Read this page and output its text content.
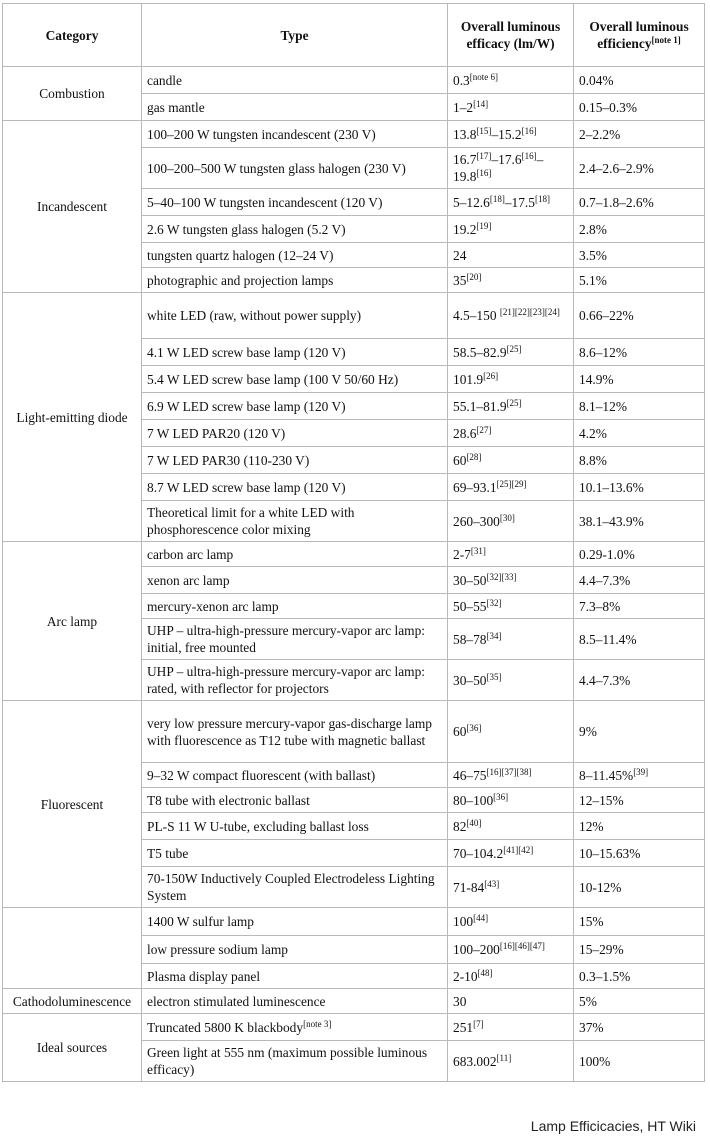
Category	Type	Overall luminous efficacy (lm/W)	Overall luminous efficiency[note 1]
Combustion	candle	0.3[note 6]	0.04%
	gas mantle	1–2[14]	0.15–0.3%
Incandescent	100–200 W tungsten incandescent (230 V)	13.8[15]–15.2[16]	2–2.2%
	100–200–500 W tungsten glass halogen (230 V)	16.7[17]–17.6[16]–19.8[16]	2.4–2.6–2.9%
	5–40–100 W tungsten incandescent (120 V)	5–12.6[18]–17.5[18]	0.7–1.8–2.6%
	2.6 W tungsten glass halogen (5.2 V)	19.2[19]	2.8%
	tungsten quartz halogen (12–24 V)	24	3.5%
	photographic and projection lamps	35[20]	5.1%
Light-emitting diode	white LED (raw, without power supply)	4.5–150 [21][22][23][24]	0.66–22%
	4.1 W LED screw base lamp (120 V)	58.5–82.9[25]	8.6–12%
	5.4 W LED screw base lamp (100 V 50/60 Hz)	101.9[26]	14.9%
	6.9 W LED screw base lamp (120 V)	55.1–81.9[25]	8.1–12%
	7 W LED PAR20 (120 V)	28.6[27]	4.2%
	7 W LED PAR30 (110-230 V)	60[28]	8.8%
	8.7 W LED screw base lamp (120 V)	69–93.1[25][29]	10.1–13.6%
	Theoretical limit for a white LED with phosphorescence color mixing	260–300[30]	38.1–43.9%
Arc lamp	carbon arc lamp	2-7[31]	0.29-1.0%
	xenon arc lamp	30–50[32][33]	4.4–7.3%
	mercury-xenon arc lamp	50–55[32]	7.3–8%
	UHP – ultra-high-pressure mercury-vapor arc lamp: initial, free mounted	58–78[34]	8.5–11.4%
	UHP – ultra-high-pressure mercury-vapor arc lamp: rated, with reflector for projectors	30–50[35]	4.4–7.3%
Fluorescent	very low pressure mercury-vapor gas-discharge lamp with fluorescence as T12 tube with magnetic ballast	60[36]	9%
	9–32 W compact fluorescent (with ballast)	46–75[16][37][38]	8–11.45%[39]
	T8 tube with electronic ballast	80–100[36]	12–15%
	PL-S 11 W U-tube, excluding ballast loss	82[40]	12%
	T5 tube	70–104.2[41][42]	10–15.63%
	70-150W Inductively Coupled Electrodeless Lighting System	71-84[43]	10-12%
	1400 W sulfur lamp	100[44]	15%
	low pressure sodium lamp	100–200[16][46][47]	15–29%
	Plasma display panel	2-10[48]	0.3–1.5%
Cathodoluminescence	electron stimulated luminescence	30	5%
Ideal sources	Truncated 5800 K blackbody[note 3]	251[7]	37%
	Green light at 555 nm (maximum possible luminous efficacy)	683.002[11]	100%
Lamp Efficicacies, HT Wiki
